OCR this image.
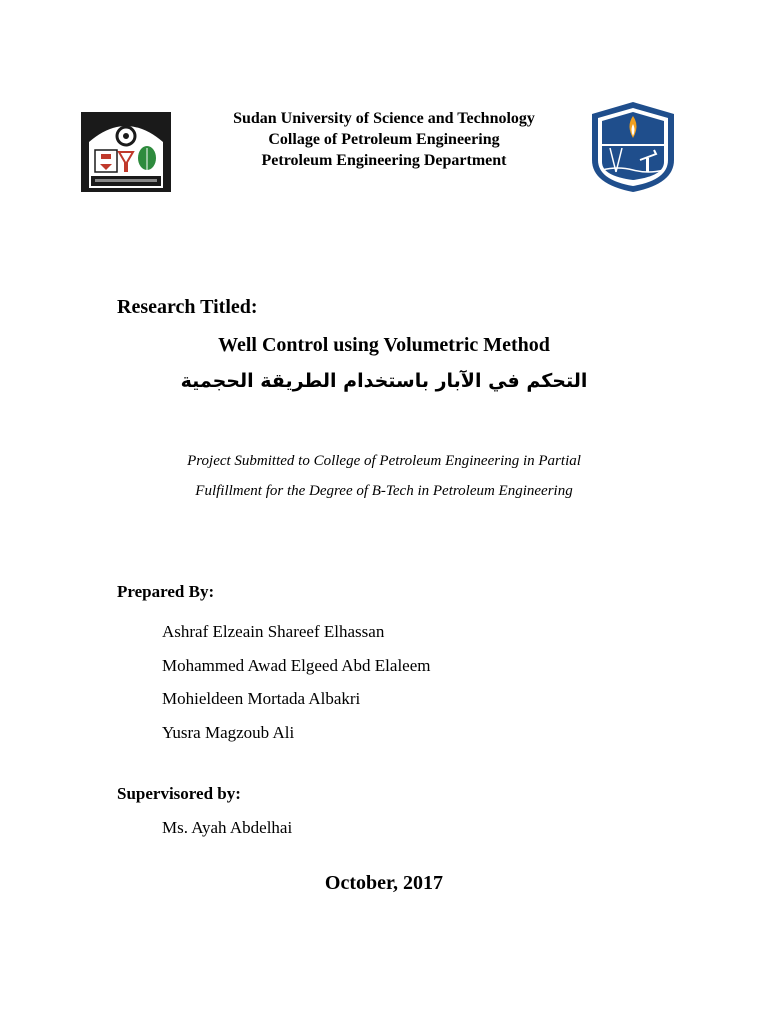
Sudan University of Science and Technology
Collage of Petroleum Engineering
Petroleum Engineering Department
Research Titled:
Well Control using Volumetric Method
التحكم في الآبار باستخدام الطريقة الحجمية
Project Submitted to College of Petroleum Engineering in Partial
Fulfillment for the Degree of B-Tech in Petroleum Engineering
Prepared By:
Ashraf Elzeain Shareef Elhassan
Mohammed Awad Elgeed Abd Elaleem
Mohieldeen Mortada Albakri
Yusra Magzoub Ali
Supervisored by:
Ms. Ayah Abdelhai
October, 2017
